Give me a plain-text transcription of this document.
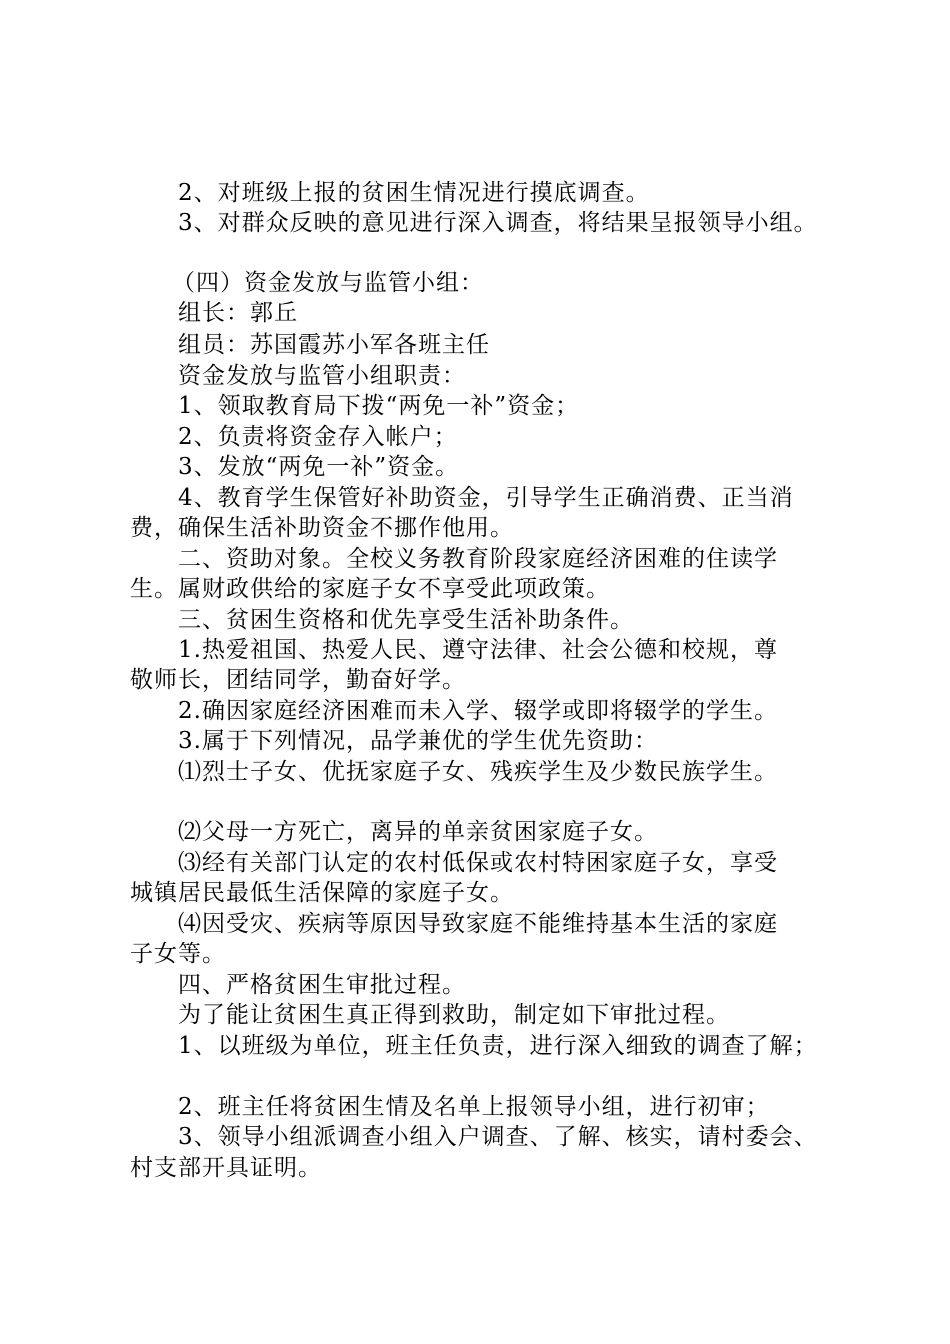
2、对班级上报的贫困生情况进行摸底调查。
3、对群众反映的意见进行深入调查，将结果呈报领导小组。
（四）资金发放与监管小组：
组长：郭丘
组员：苏国霞苏小军各班主任
资金发放与监管小组职责：
1、领取教育局下拨“两免一补”资金；
2、负责将资金存入帐户；
3、发放“两免一补”资金。
4、教育学生保管好补助资金，引导学生正确消费、正当消
费，确保生活补助资金不挪作他用。
二、资助对象。全校义务教育阶段家庭经济困难的住读学
生。属财政供给的家庭子女不享受此项政策。
三、贫困生资格和优先享受生活补助条件。
1.热爱祖国、热爱人民、遵守法律、社会公德和校规，尊
敬师长，团结同学，勤奋好学。
2.确因家庭经济困难而未入学、辍学或即将辍学的学生。
3.属于下列情况，品学兼优的学生优先资助：
⑴烈士子女、优抚家庭子女、残疾学生及少数民族学生。
⑵父母一方死亡，离异的单亲贫困家庭子女。
⑶经有关部门认定的农村低保或农村特困家庭子女，享受
城镇居民最低生活保障的家庭子女。
⑷因受灾、疾病等原因导致家庭不能维持基本生活的家庭
子女等。
四、严格贫困生审批过程。
为了能让贫困生真正得到救助，制定如下审批过程。
1、以班级为单位，班主任负责，进行深入细致的调查了解；
2、班主任将贫困生情及名单上报领导小组，进行初审；
3、领导小组派调查小组入户调查、了解、核实，请村委会、
村支部开具证明。
